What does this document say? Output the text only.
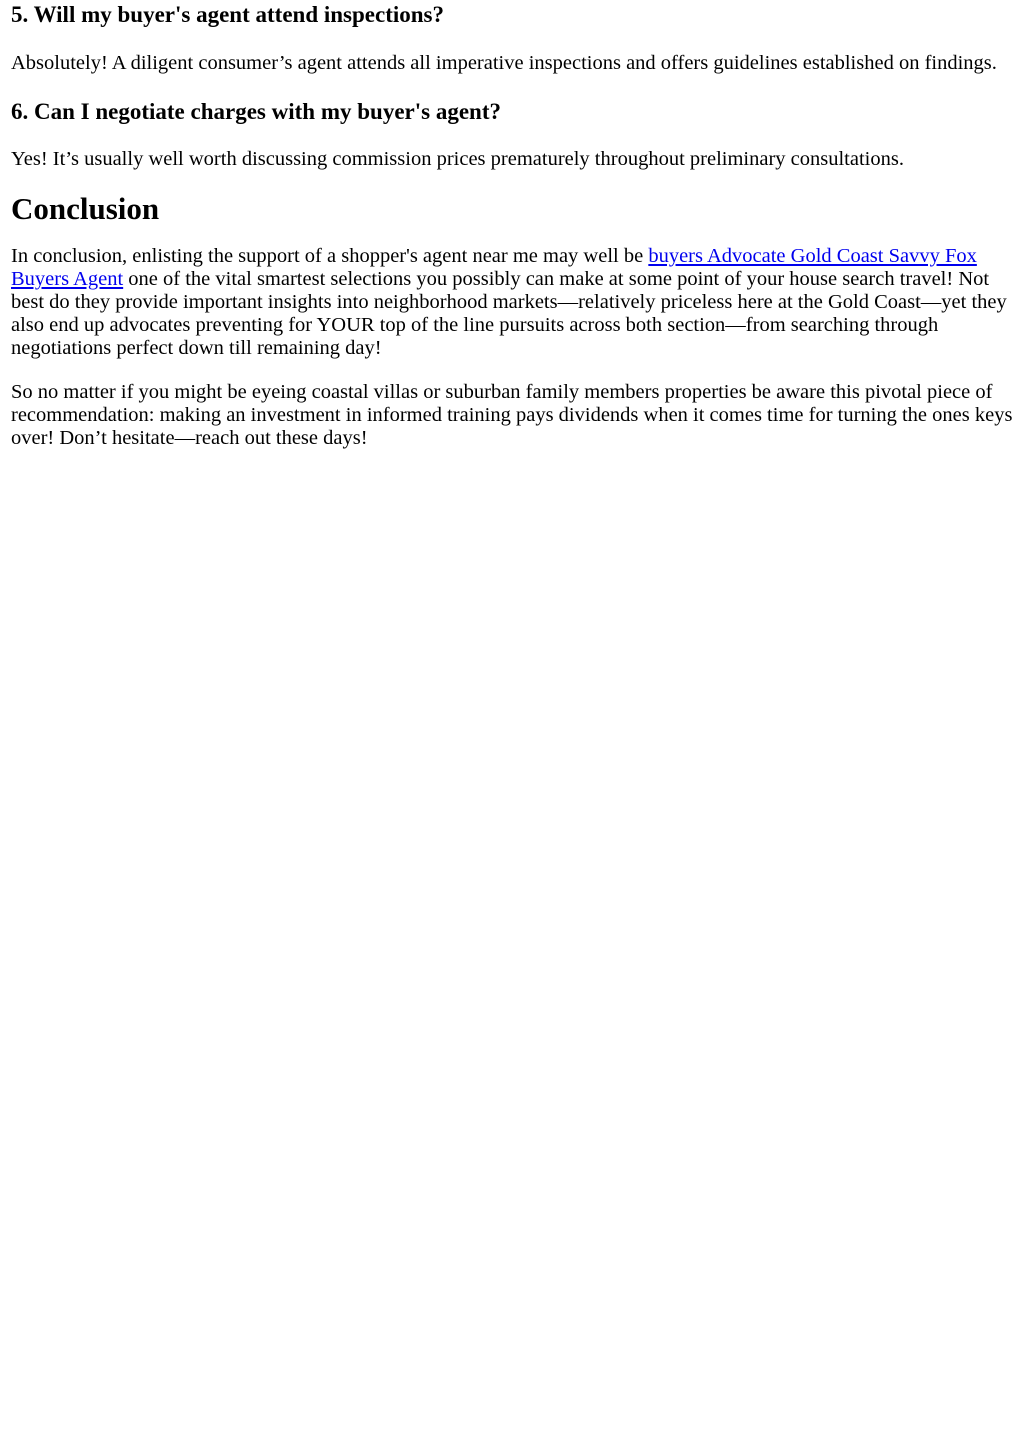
5. Will my buyer's agent attend inspections?

Absolutely! A diligent consumer’s agent attends all imperative inspections and offers guidelines established on findings.

6. Can I negotiate charges with my buyer's agent?

Yes! It’s usually well worth discussing commission prices prematurely throughout preliminary consultations.

Conclusion

In conclusion, enlisting the support of a shopper's agent near me may well be buyers Advocate Gold Coast Savvy Fox Buyers Agent one of the vital smartest selections you possibly can make at some point of your house search travel! Not best do they provide important insights into neighborhood markets—relatively priceless here at the Gold Coast—yet they also end up advocates preventing for YOUR top of the line pursuits across both section—from searching through negotiations perfect down till remaining day!

So no matter if you might be eyeing coastal villas or suburban family members properties be aware this pivotal piece of recommendation: making an investment in informed training pays dividends when it comes time for turning the ones keys over! Don’t hesitate—reach out these days!
